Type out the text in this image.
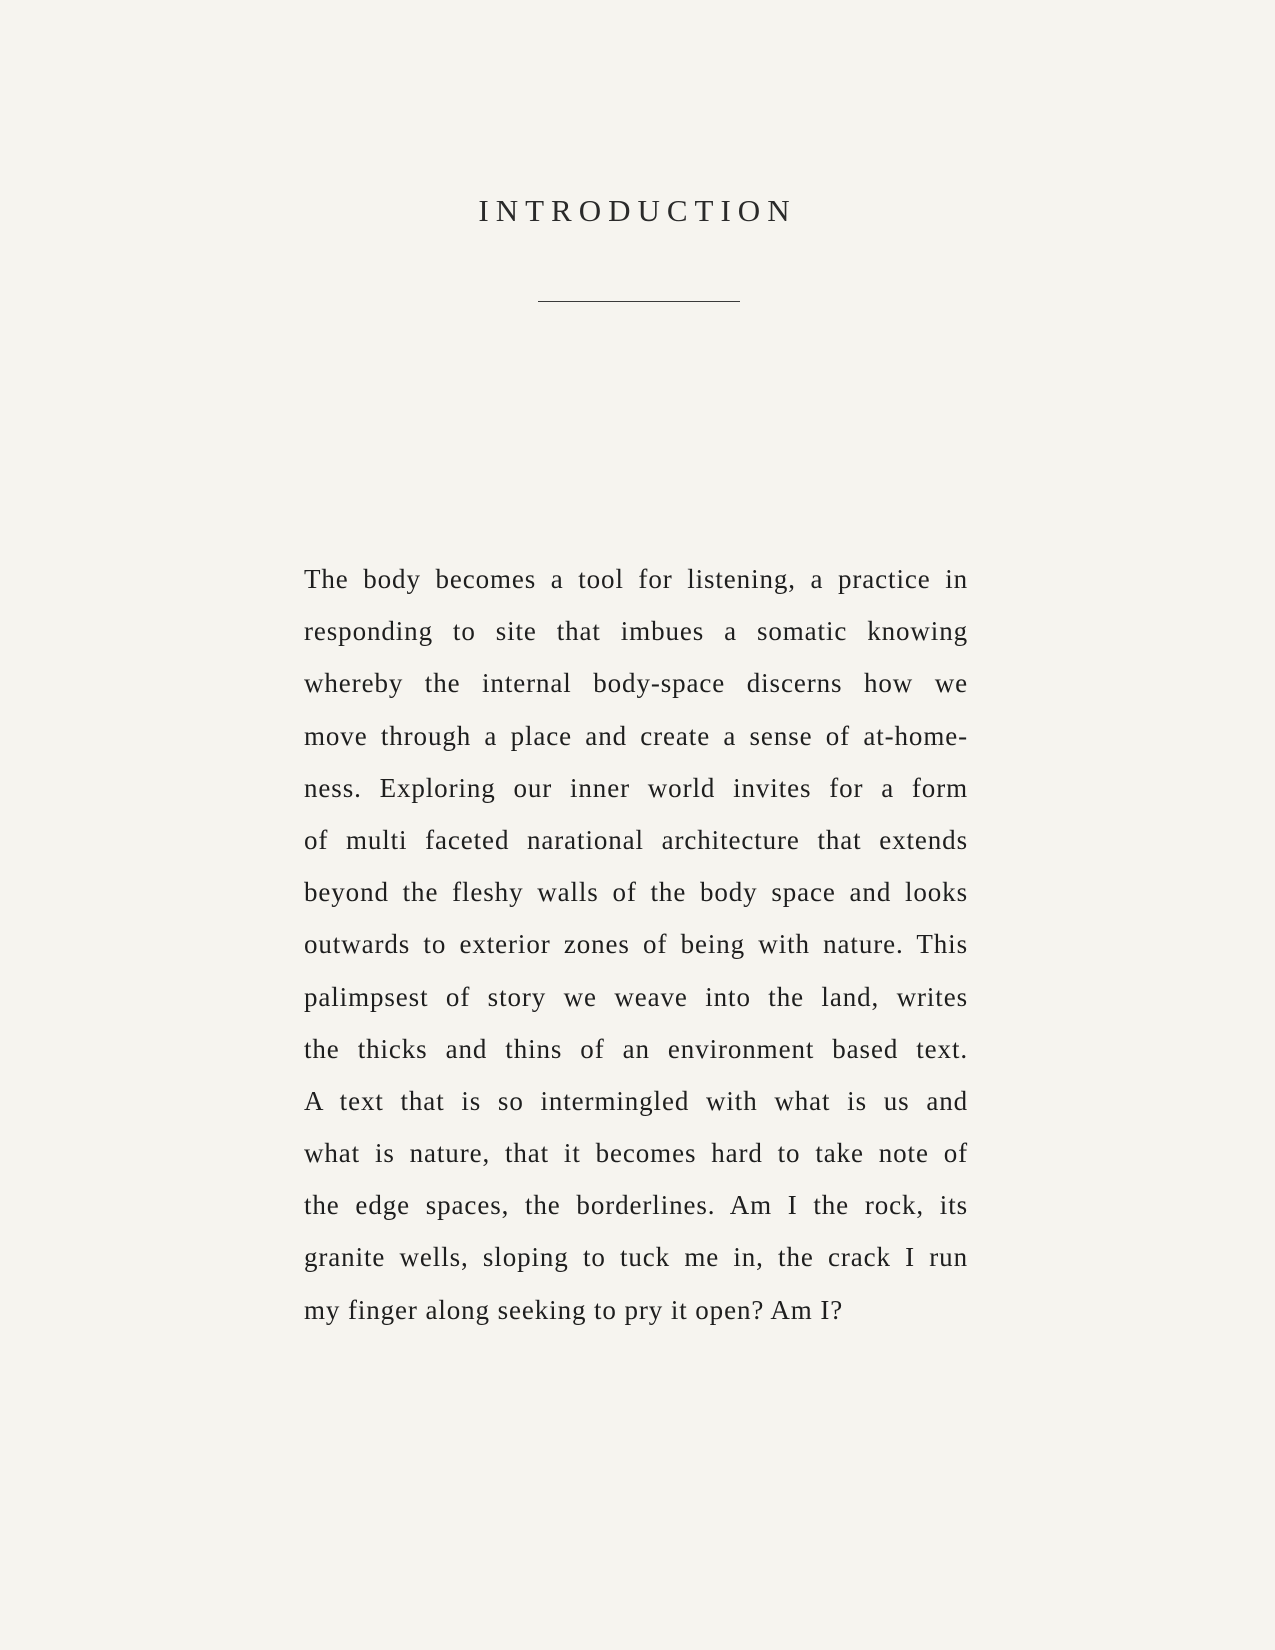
INTRODUCTION

The body becomes a tool for listening, a practice in
responding to site that imbues a somatic knowing
whereby the internal body-space discerns how we
move through a place and create a sense of at-home-
ness. Exploring our inner world invites for a form
of multi faceted narational architecture that extends
beyond the fleshy walls of the body space and looks
outwards to exterior zones of being with nature. This
palimpsest of story we weave into the land, writes
the thicks and thins of an environment based text.
A text that is so intermingled with what is us and
what is nature, that it becomes hard to take note of
the edge spaces, the borderlines. Am I the rock, its
granite wells, sloping to tuck me in, the crack I run
my finger along seeking to pry it open? Am I?
